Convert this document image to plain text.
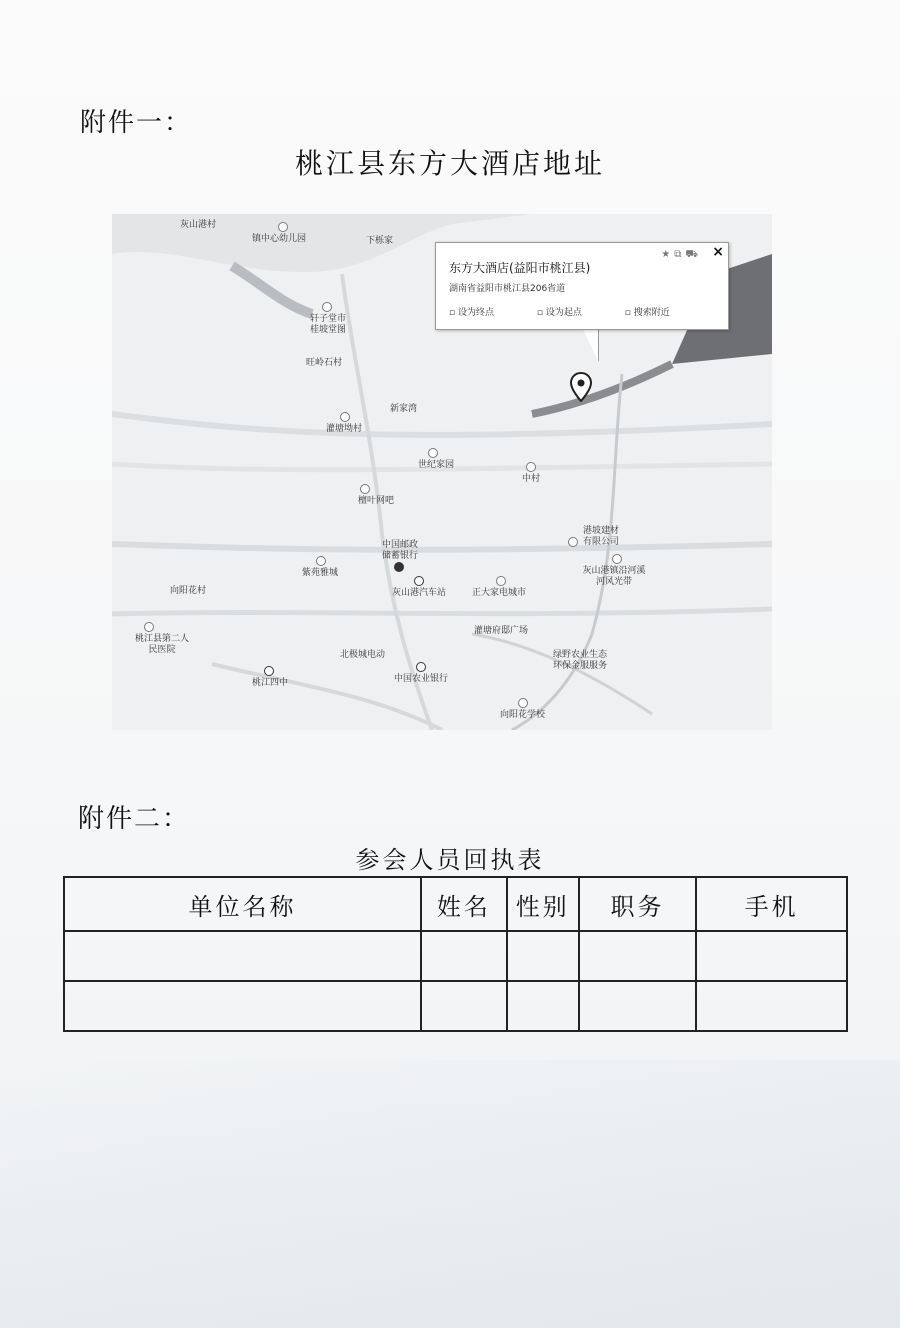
附件一：
桃江县东方大酒店地址
灰山港村
镇中心幼儿园	下栎家
轩子堂市
桂坡堂图
旺岭石村
新家湾
灌塘坳村
世纪家园
中村
檀叶网吧
港坡建材有限公司
中国邮政储蓄银行
灰山港镇沿河溪河风光带
紫苑雅城
灰山港汽车站	正大家电城市
向阳花村
桃江县第二人民医院
灌塘府邸广场
北极城电动
中国农业银行
绿野农业生态环保金服服务
桃江四中
向阳花学校
★⧉⛟ ×
东方大酒店(益阳市桃江县)
湖南省益阳市桃江县206省道
▫ 设为终点	▫ 设为起点	▫ 搜索附近
附件二：
参会人员回执表
单位名称	姓名	性别	职务	手机
